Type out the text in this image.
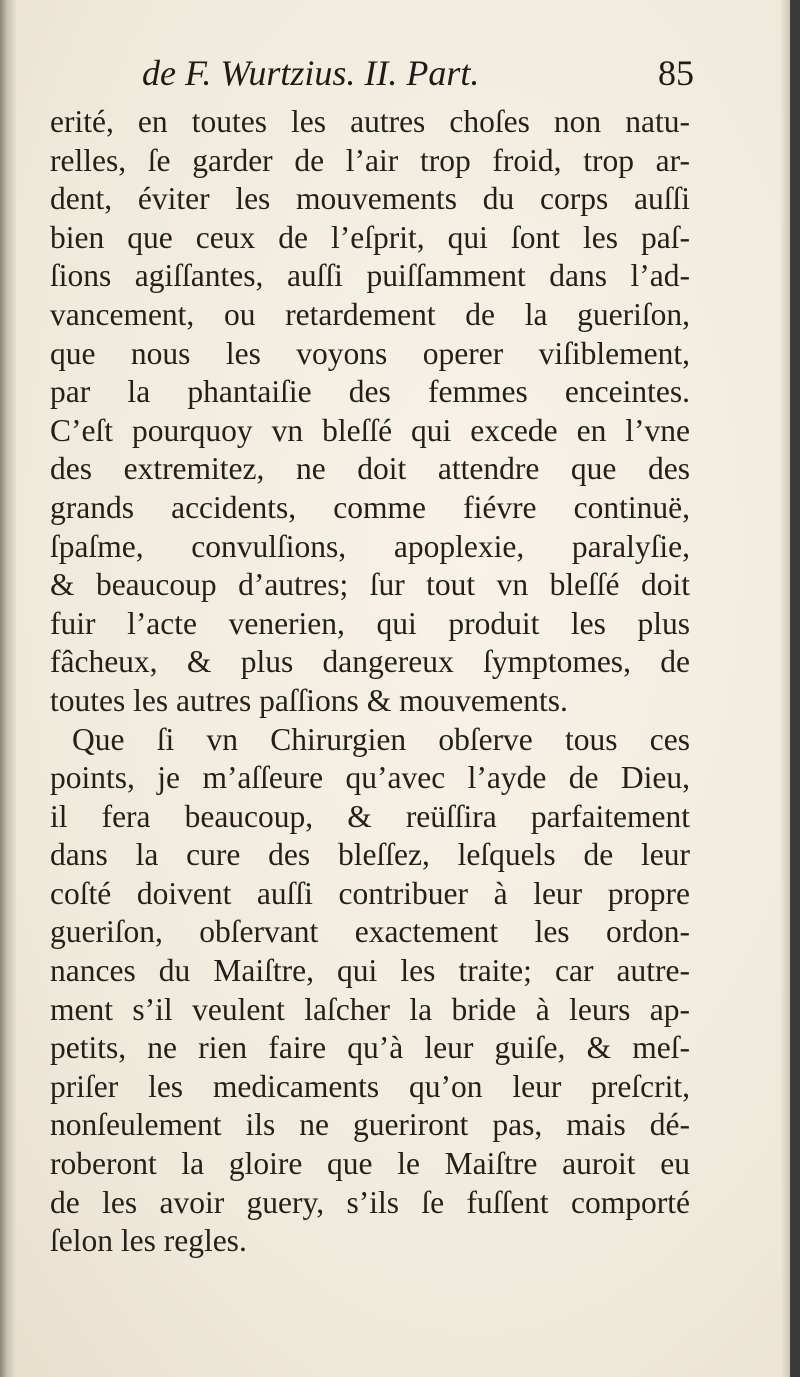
de F. Wurtzius. II. Part.	85
erité, en toutes les autres choſes non natu-
relles, ſe garder de l’air trop froid, trop ar-
dent, éviter les mouvements du corps auſſi
bien que ceux de l’eſprit, qui ſont les paſ-
ſions agiſſantes, auſſi puiſſamment dans l’ad-
vancement, ou retardement de la gueriſon,
que nous les voyons operer viſiblement,
par la phantaiſie des femmes enceintes.
C’eſt pourquoy vn bleſſé qui excede en l’vne
des extremitez, ne doit attendre que des
grands accidents, comme fiévre continuë,
ſpaſme, convulſions, apoplexie, paralyſie,
& beaucoup d’autres; ſur tout vn bleſſé doit
fuir l’acte venerien, qui produit les plus
fâcheux, & plus dangereux ſymptomes, de
toutes les autres paſſions & mouvements.
Que ſi vn Chirurgien obſerve tous ces
points, je m’aſſeure qu’avec l’ayde de Dieu,
il fera beaucoup, & reüſſira parfaitement
dans la cure des bleſſez, leſquels de leur
coſté doivent auſſi contribuer à leur propre
gueriſon, obſervant exactement les ordon-
nances du Maiſtre, qui les traite; car autre-
ment s’il veulent laſcher la bride à leurs ap-
petits, ne rien faire qu’à leur guiſe, & meſ-
priſer les medicaments qu’on leur preſcrit,
nonſeulement ils ne gueriront pas, mais dé-
roberont la gloire que le Maiſtre auroit eu
de les avoir guery, s’ils ſe fuſſent comporté
ſelon les regles.
